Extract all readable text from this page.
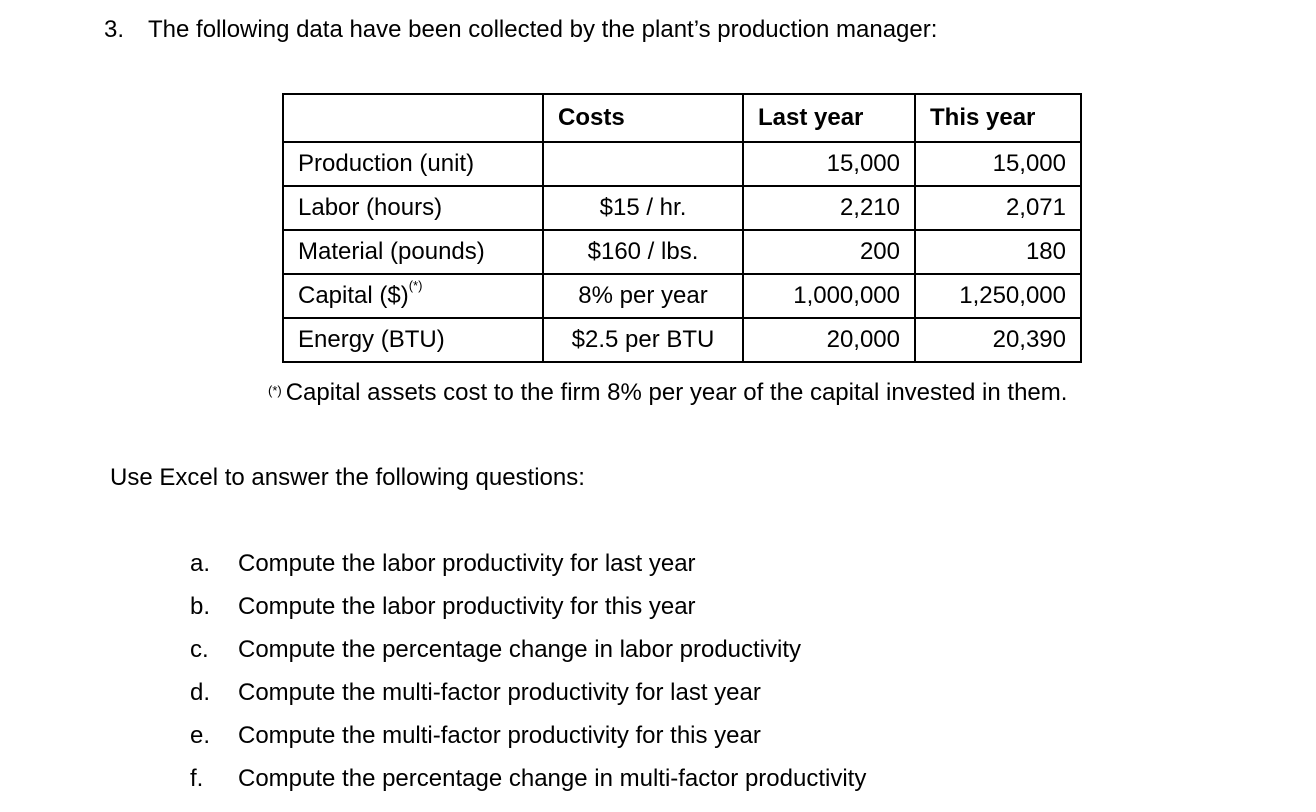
3. The following data have been collected by the plant’s production manager:
	Costs	Last year	This year
Production (unit)		15,000	15,000
Labor (hours)	$15 / hr.	2,210	2,071
Material (pounds)	$160 / lbs.	200	180
Capital ($)(*)	8% per year	1,000,000	1,250,000
Energy (BTU)	$2.5 per BTU	20,000	20,390
(*) Capital assets cost to the firm 8% per year of the capital invested in them.
Use Excel to answer the following questions:
a. Compute the labor productivity for last year
b. Compute the labor productivity for this year
c. Compute the percentage change in labor productivity
d. Compute the multi-factor productivity for last year
e. Compute the multi-factor productivity for this year
f. Compute the percentage change in multi-factor productivity
